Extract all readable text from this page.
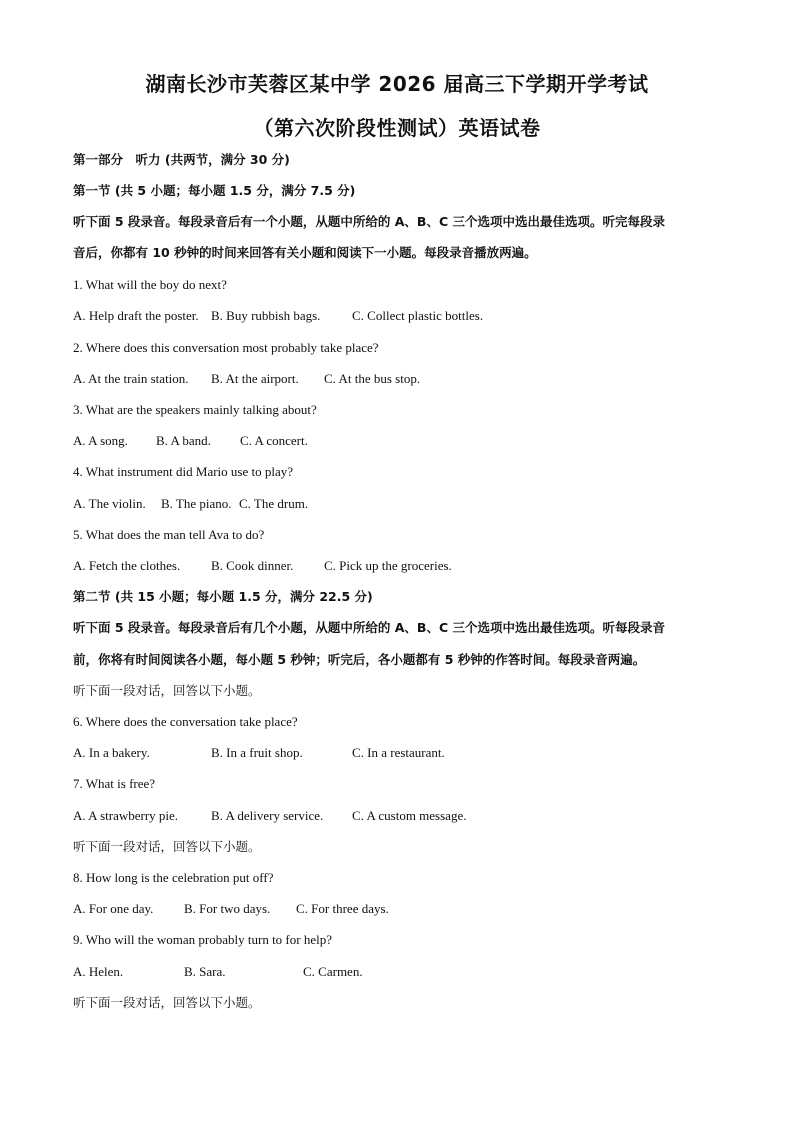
湖南长沙市芙蓉区某中学 2026 届高三下学期开学考试
（第六次阶段性测试）英语试卷
第一部分　听力 (共两节，满分 30 分)
第一节 (共 5 小题；每小题 1.5 分，满分 7.5 分)
听下面 5 段录音。每段录音后有一个小题，从题中所给的 A、B、C 三个选项中选出最佳选项。听完每段录
音后，你都有 10 秒钟的时间来回答有关小题和阅读下一小题。每段录音播放两遍。
1. What will the boy do next?
A. Help draft the poster. B. Buy rubbish bags. C. Collect plastic bottles.
2. Where does this conversation most probably take place?
A. At the train station. B. At the airport. C. At the bus stop.
3. What are the speakers mainly talking about?
A. A song. B. A band. C. A concert.
4. What instrument did Mario use to play?
A. The violin. B. The piano. C. The drum.
5. What does the man tell Ava to do?
A. Fetch the clothes. B. Cook dinner. C. Pick up the groceries.
第二节 (共 15 小题；每小题 1.5 分，满分 22.5 分)
听下面 5 段录音。每段录音后有几个小题，从题中所给的 A、B、C 三个选项中选出最佳选项。听每段录音
前，你将有时间阅读各小题，每小题 5 秒钟；听完后，各小题都有 5 秒钟的作答时间。每段录音两遍。
听下面一段对话，回答以下小题。
6. Where does the conversation take place?
A. In a bakery.	B. In a fruit shop.	C. In a restaurant.
7. What is free?
A. A strawberry pie.	B. A delivery service. C. A custom message.
听下面一段对话，回答以下小题。
8. How long is the celebration put off?
A. For one day. B. For two days. C. For three days.
9. Who will the woman probably turn to for help?
A. Helen.	B. Sara.	C. Carmen.
听下面一段对话，回答以下小题。
